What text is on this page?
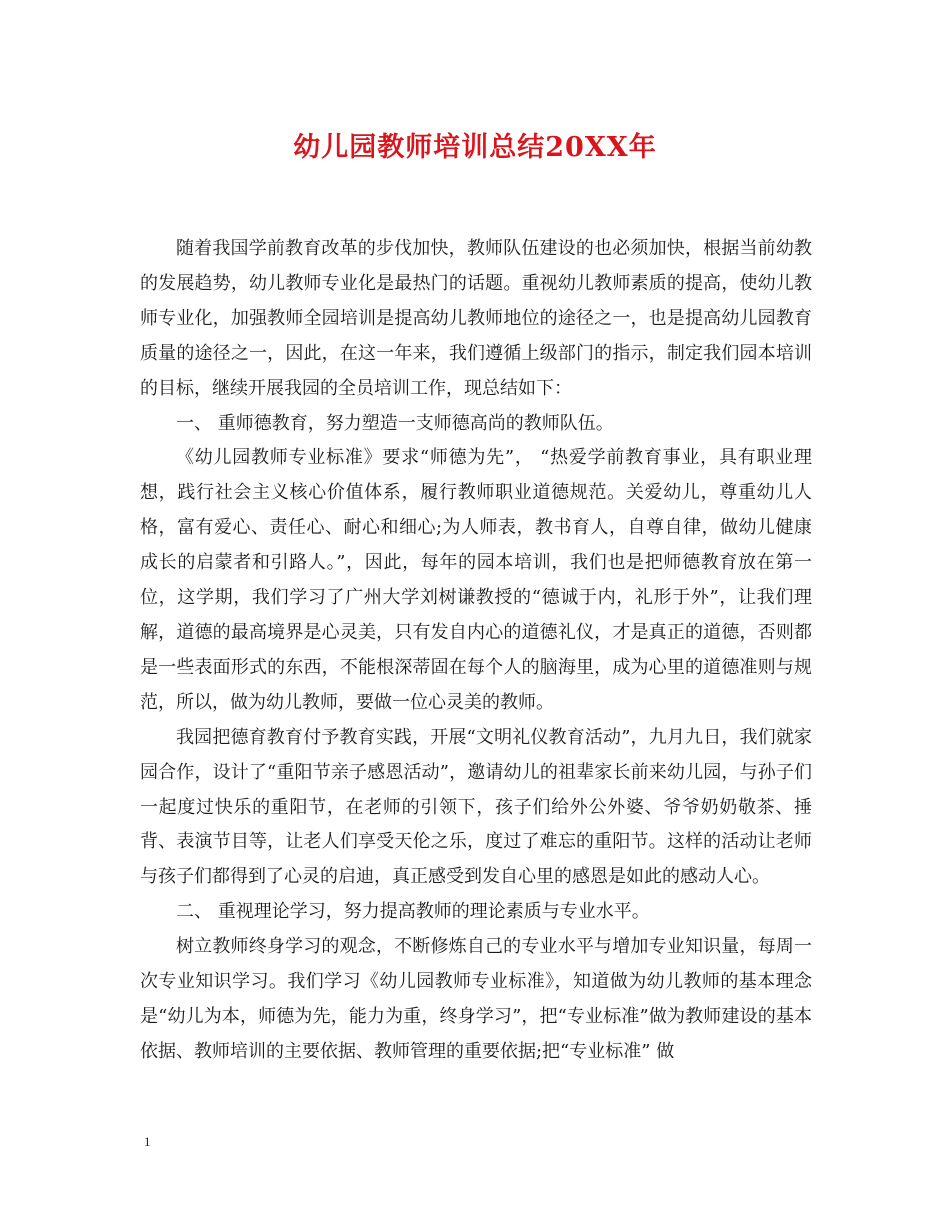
幼儿园教师培训总结20XX年

随着我国学前教育改革的步伐加快，教师队伍建设的也必须加快，根据当前幼教的发展趋势，幼儿教师专业化是最热门的话题。重视幼儿教师素质的提高，使幼儿教师专业化，加强教师全园培训是提高幼儿教师地位的途径之一，也是提高幼儿园教育质量的途径之一，因此，在这一年来，我们遵循上级部门的指示，制定我们园本培训的目标，继续开展我园的全员培训工作，现总结如下：

一、 重师德教育，努力塑造一支师德高尚的教师队伍。

《幼儿园教师专业标准》要求“师德为先”， “热爱学前教育事业，具有职业理想，践行社会主义核心价值体系，履行教师职业道德规范。关爱幼儿，尊重幼儿人格，富有爱心、责任心、耐心和细心;为人师表，教书育人，自尊自律，做幼儿健康成长的启蒙者和引路人。”，因此，每年的园本培训，我们也是把师德教育放在第一位，这学期，我们学习了广州大学刘树谦教授的“德诚于内，礼形于外”，让我们理解，道德的最高境界是心灵美，只有发自内心的道德礼仪，才是真正的道德，否则都是一些表面形式的东西，不能根深蒂固在每个人的脑海里，成为心里的道德准则与规范，所以，做为幼儿教师，要做一位心灵美的教师。

我园把德育教育付予教育实践，开展“文明礼仪教育活动”，九月九日，我们就家园合作，设计了“重阳节亲子感恩活动”，邀请幼儿的祖辈家长前来幼儿园，与孙子们一起度过快乐的重阳节，在老师的引领下，孩子们给外公外婆、爷爷奶奶敬茶、捶背、表演节目等，让老人们享受天伦之乐，度过了难忘的重阳节。这样的活动让老师与孩子们都得到了心灵的启迪，真正感受到发自心里的感恩是如此的感动人心。

二、 重视理论学习，努力提高教师的理论素质与专业水平。

树立教师终身学习的观念，不断修炼自己的专业水平与增加专业知识量，每周一次专业知识学习。我们学习《幼儿园教师专业标准》，知道做为幼儿教师的基本理念是“幼儿为本，师德为先，能力为重，终身学习”，把“专业标准”做为教师建设的基本依据、教师培训的主要依据、教师管理的重要依据;把“专业标准” 做

1
